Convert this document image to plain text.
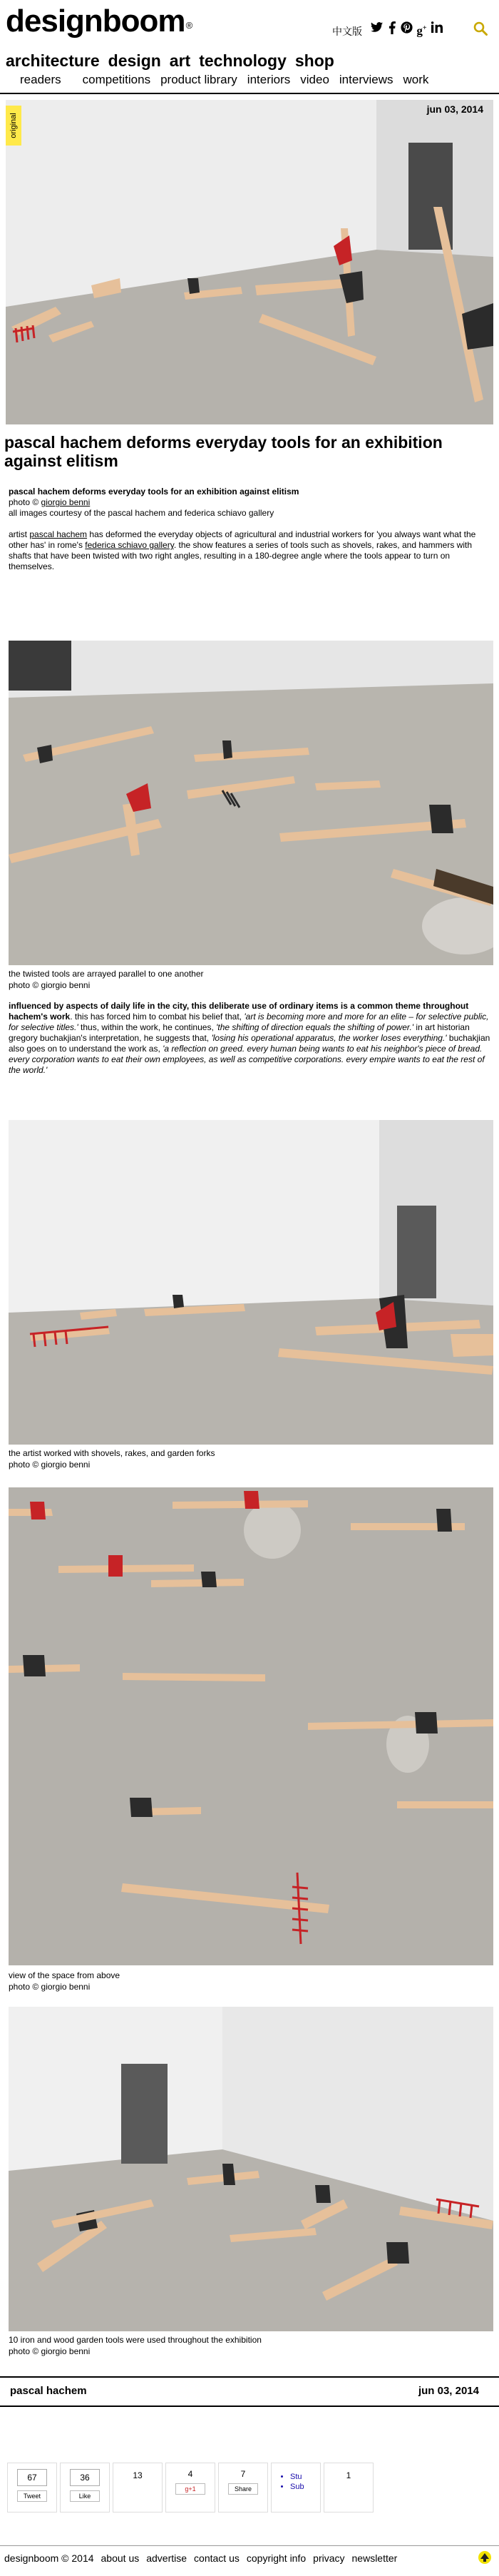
designboom®
中文版	g+
architecture design art technology shop
readers competitions product library interiors video interviews work
original
jun 03, 2014
pascal hachem deforms everyday tools for an exhibition against elitism
pascal hachem deforms everyday tools for an exhibition against elitism
photo © giorgio benni
all images courtesy of the pascal hachem and federica schiavo gallery
artist pascal hachem has deformed the everyday objects of agricultural and industrial workers for 'you always want what the other has' in rome's federica schiavo gallery. the show features a series of tools such as shovels, rakes, and hammers with shafts that have been twisted with two right angles, resulting in a 180-degree angle where the tools appear to turn on themselves.
the twisted tools are arrayed parallel to one another
photo © giorgio benni
influenced by aspects of daily life in the city, this deliberate use of ordinary items is a common theme throughout hachem's work. this has forced him to combat his belief that, 'art is becoming more and more for an elite – for selective public, for selective titles.' thus, within the work, he continues, 'the shifting of direction equals the shifting of power.' in art historian gregory buchakjian's interpretation, he suggests that, 'losing his operational apparatus, the worker loses everything.' buchakjian also goes on to understand the work as, 'a reflection on greed. every human being wants to eat his neighbor's piece of bread. every corporation wants to eat their own employees, as well as competitive corporations. every empire wants to eat the rest of the world.'
the artist worked with shovels, rakes, and garden forks
photo © giorgio benni
view of the space from above
photo © giorgio benni
10 iron and wood garden tools were used throughout the exhibition
photo © giorgio benni
pascal hachem	jun 03, 2014
67
Tweet
36
Like
13	4
g+1
7
Share
• Stu
• Sub
1
designboom © 2014 about us advertise contact us copyright info privacy newsletter
